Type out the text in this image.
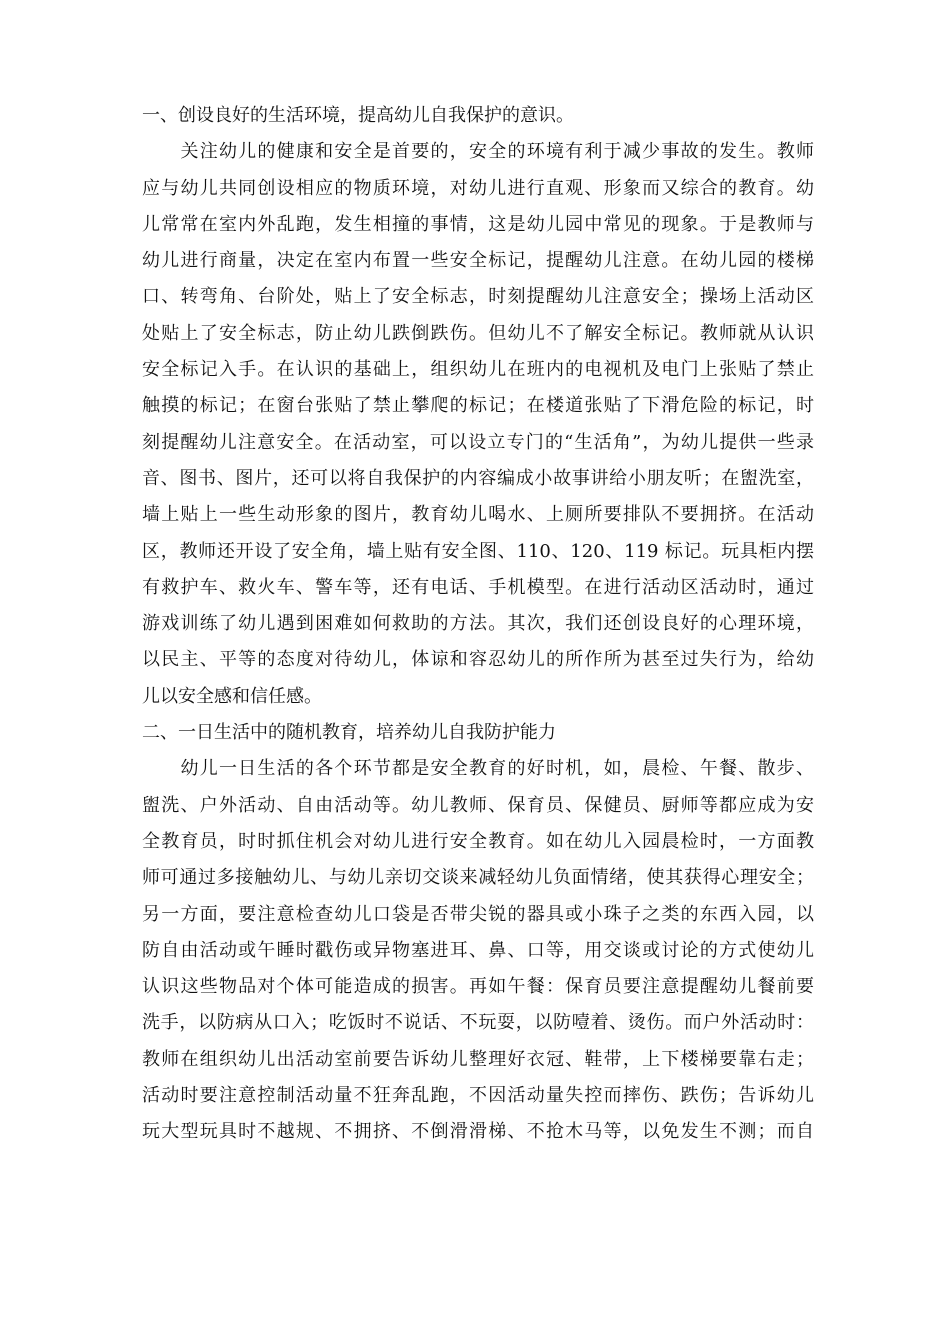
一、创设良好的生活环境，提高幼儿自我保护的意识。

　　关注幼儿的健康和安全是首要的，安全的环境有利于减少事故的发生。教师

应与幼儿共同创设相应的物质环境，对幼儿进行直观、形象而又综合的教育。幼

儿常常在室内外乱跑，发生相撞的事情，这是幼儿园中常见的现象。于是教师与

幼儿进行商量，决定在室内布置一些安全标记，提醒幼儿注意。在幼儿园的楼梯

口、转弯角、台阶处，贴上了安全标志，时刻提醒幼儿注意安全；操场上活动区

处贴上了安全标志，防止幼儿跌倒跌伤。但幼儿不了解安全标记。教师就从认识

安全标记入手。在认识的基础上，组织幼儿在班内的电视机及电门上张贴了禁止

触摸的标记；在窗台张贴了禁止攀爬的标记；在楼道张贴了下滑危险的标记，时

刻提醒幼儿注意安全。在活动室，可以设立专门的“生活角”，为幼儿提供一些录

音、图书、图片，还可以将自我保护的内容编成小故事讲给小朋友听；在盥洗室，

墙上贴上一些生动形象的图片，教育幼儿喝水、上厕所要排队不要拥挤。在活动

区，教师还开设了安全角，墙上贴有安全图、110、120、119 标记。玩具柜内摆

有救护车、救火车、警车等，还有电话、手机模型。在进行活动区活动时，通过

游戏训练了幼儿遇到困难如何救助的方法。其次，我们还创设良好的心理环境，

以民主、平等的态度对待幼儿，体谅和容忍幼儿的所作所为甚至过失行为，给幼

儿以安全感和信任感。

二、一日生活中的随机教育，培养幼儿自我防护能力

　　幼儿一日生活的各个环节都是安全教育的好时机，如，晨检、午餐、散步、

盥洗、户外活动、自由活动等。幼儿教师、保育员、保健员、厨师等都应成为安

全教育员，时时抓住机会对幼儿进行安全教育。如在幼儿入园晨检时，一方面教

师可通过多接触幼儿、与幼儿亲切交谈来减轻幼儿负面情绪，使其获得心理安全；

另一方面，要注意检查幼儿口袋是否带尖锐的器具或小珠子之类的东西入园，以

防自由活动或午睡时戳伤或异物塞进耳、鼻、口等，用交谈或讨论的方式使幼儿

认识这些物品对个体可能造成的损害。再如午餐：保育员要注意提醒幼儿餐前要

洗手，以防病从口入；吃饭时不说话、不玩耍，以防噎着、烫伤。而户外活动时：

教师在组织幼儿出活动室前要告诉幼儿整理好衣冠、鞋带，上下楼梯要靠右走；

活动时要注意控制活动量不狂奔乱跑，不因活动量失控而摔伤、跌伤；告诉幼儿

玩大型玩具时不越规、不拥挤、不倒滑滑梯、不抢木马等，以免发生不测；而自
